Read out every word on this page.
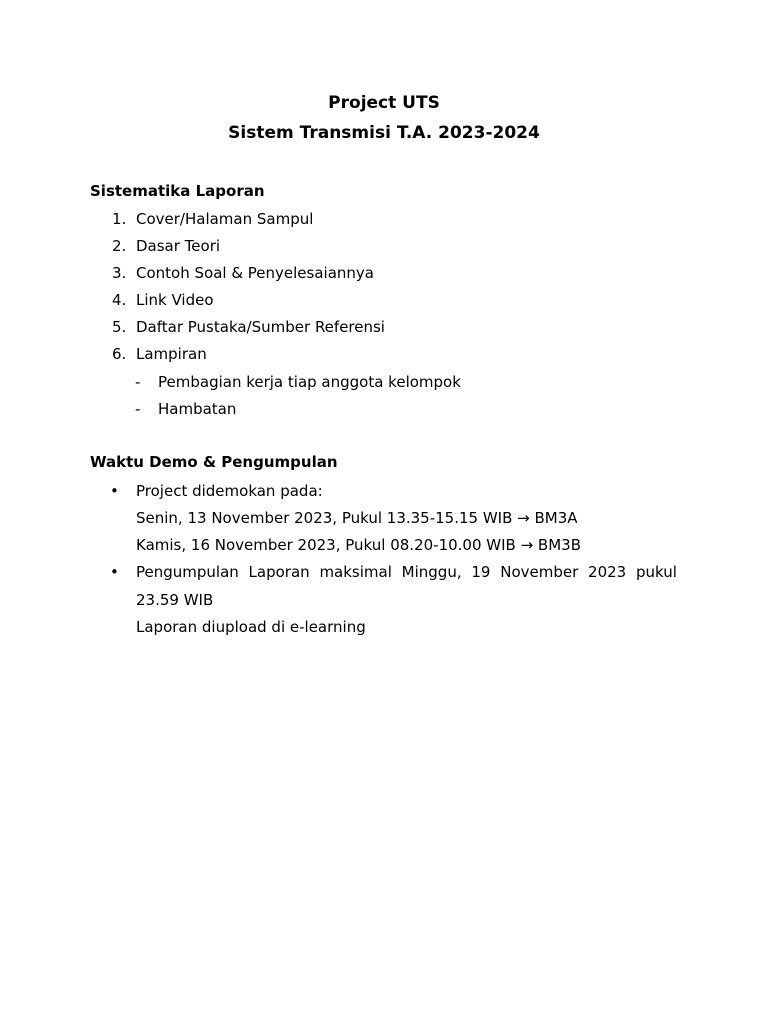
Project UTS
Sistem Transmisi T.A. 2023-2024
Sistematika Laporan
1. Cover/Halaman Sampul
2. Dasar Teori
3. Contoh Soal & Penyelesaiannya
4. Link Video
5. Daftar Pustaka/Sumber Referensi
6. Lampiran
- Pembagian kerja tiap anggota kelompok
- Hambatan
Waktu Demo & Pengumpulan
• Project didemokan pada:
Senin, 13 November 2023, Pukul 13.35-15.15 WIB → BM3A
Kamis, 16 November 2023, Pukul 08.20-10.00 WIB → BM3B
• Pengumpulan Laporan maksimal Minggu, 19 November 2023 pukul
23.59 WIB
Laporan diupload di e-learning
